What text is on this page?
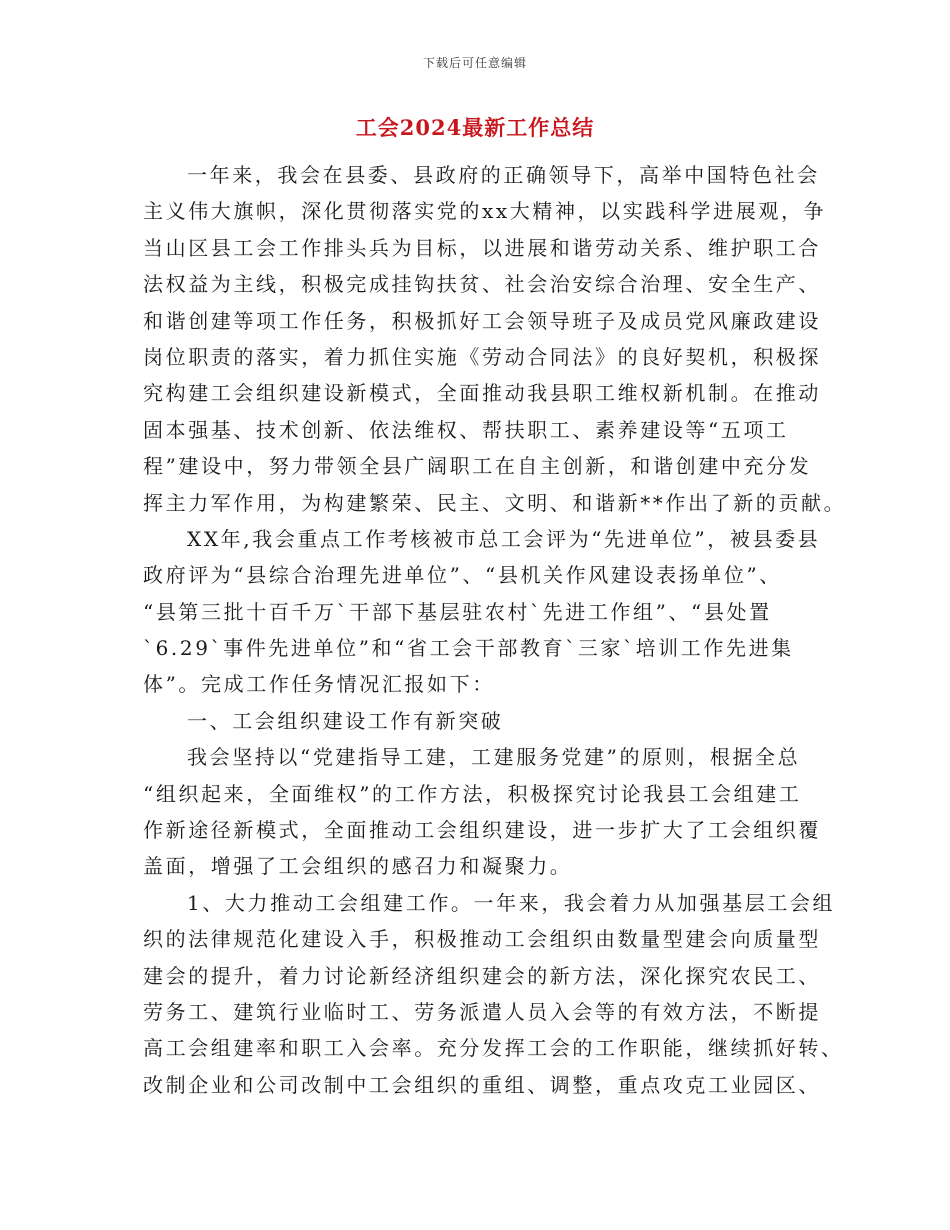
下载后可任意编辑
工会2024最新工作总结
一年来，我会在县委、县政府的正确领导下，高举中国特色社会
主义伟大旗帜，深化贯彻落实党的xx大精神，以实践科学进展观，争
当山区县工会工作排头兵为目标，以进展和谐劳动关系、维护职工合
法权益为主线，积极完成挂钩扶贫、社会治安综合治理、安全生产、
和谐创建等项工作任务，积极抓好工会领导班子及成员党风廉政建设
岗位职责的落实，着力抓住实施《劳动合同法》的良好契机，积极探
究构建工会组织建设新模式，全面推动我县职工维权新机制。在推动
固本强基、技术创新、依法维权、帮扶职工、素养建设等“五项工
程”建设中，努力带领全县广阔职工在自主创新，和谐创建中充分发
挥主力军作用，为构建繁荣、民主、文明、和谐新**作出了新的贡献。
XX年,我会重点工作考核被市总工会评为“先进单位”，被县委县
政府评为“县综合治理先进单位”、“县机关作风建设表扬单位”、
“县第三批十百千万`干部下基层驻农村`先进工作组”、“县处置
`6.29`事件先进单位”和“省工会干部教育`三家`培训工作先进集
体”。完成工作任务情况汇报如下：
一、工会组织建设工作有新突破
我会坚持以“党建指导工建，工建服务党建”的原则，根据全总
“组织起来，全面维权”的工作方法，积极探究讨论我县工会组建工
作新途径新模式，全面推动工会组织建设，进一步扩大了工会组织覆
盖面，增强了工会组织的感召力和凝聚力。
1、大力推动工会组建工作。一年来，我会着力从加强基层工会组
织的法律规范化建设入手，积极推动工会组织由数量型建会向质量型
建会的提升，着力讨论新经济组织建会的新方法，深化探究农民工、
劳务工、建筑行业临时工、劳务派遣人员入会等的有效方法，不断提
高工会组建率和职工入会率。充分发挥工会的工作职能，继续抓好转、
改制企业和公司改制中工会组织的重组、调整，重点攻克工业园区、
